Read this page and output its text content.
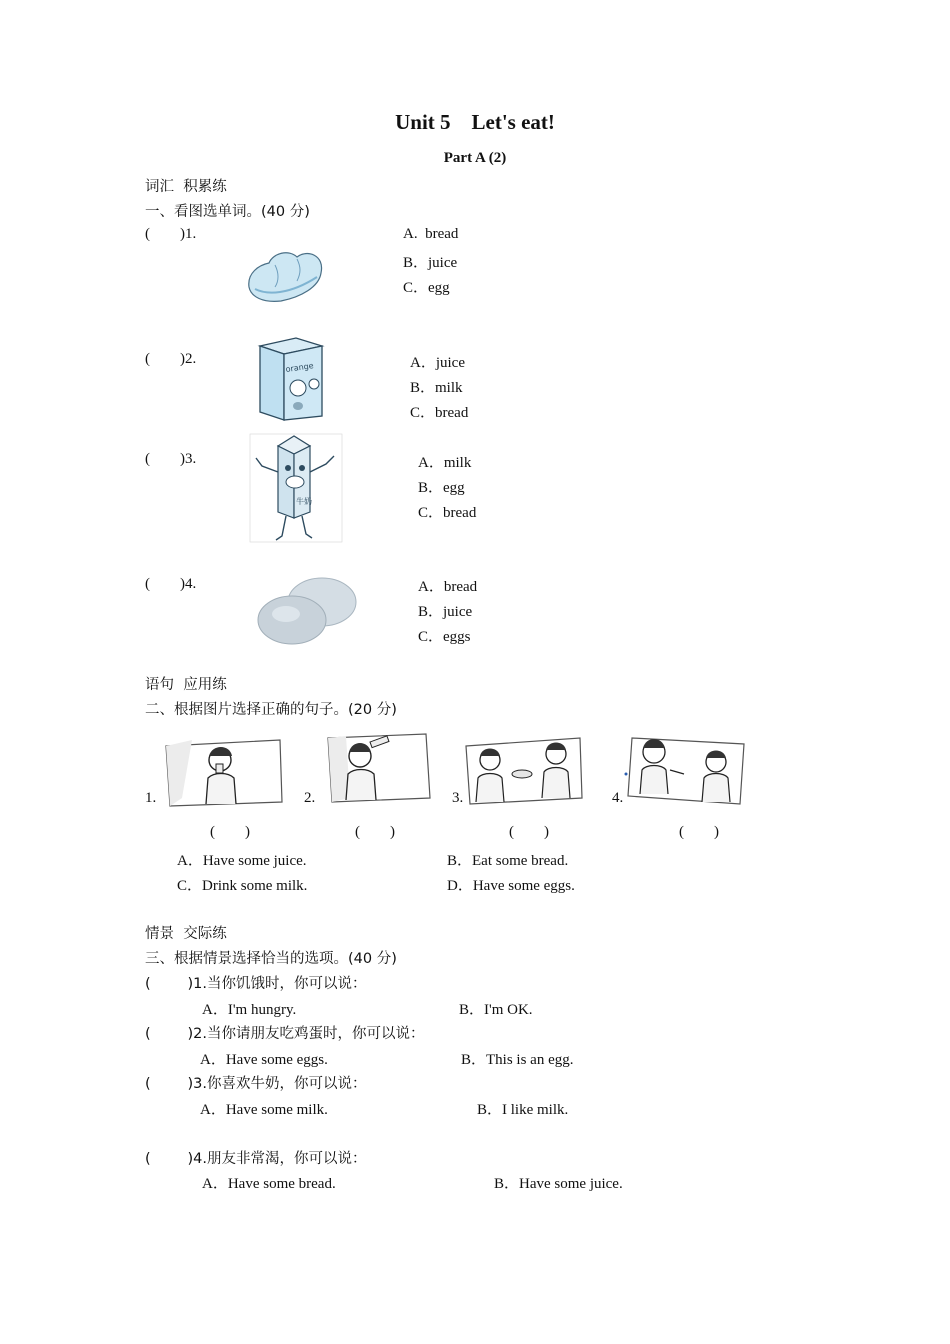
Unit 5    Let's eat!
Part A (2)
词汇  积累练
一、看图选单词。(40 分)
(        )1.	A.  bread
B．juice
C．egg
(        )2.
orange	A．juice
B．milk
C．bread
(        )3.
牛奶
A．milk
B．egg
C．bread
(        )4.	A．bread
B．juice
C．eggs
语句  应用练
二、根据图片选择正确的句子。(20 分)
1.	2.	3.	4.
(        )	(        )	(        )	(        )
A．Have some juice.	B．Eat some bread.
C．Drink some milk.	D．Have some eggs.
情景  交际练
三、根据情景选择恰当的选项。(40 分)
(        )1.当你饥饿时，你可以说：
A．I'm hungry.	B．I'm OK.
(        )2.当你请朋友吃鸡蛋时，你可以说：
A．Have some eggs.	B．This is an egg.
(        )3.你喜欢牛奶，你可以说：
A．Have some milk.	B．I like milk.
(        )4.朋友非常渴，你可以说：
A．Have some bread.	B．Have some juice.
